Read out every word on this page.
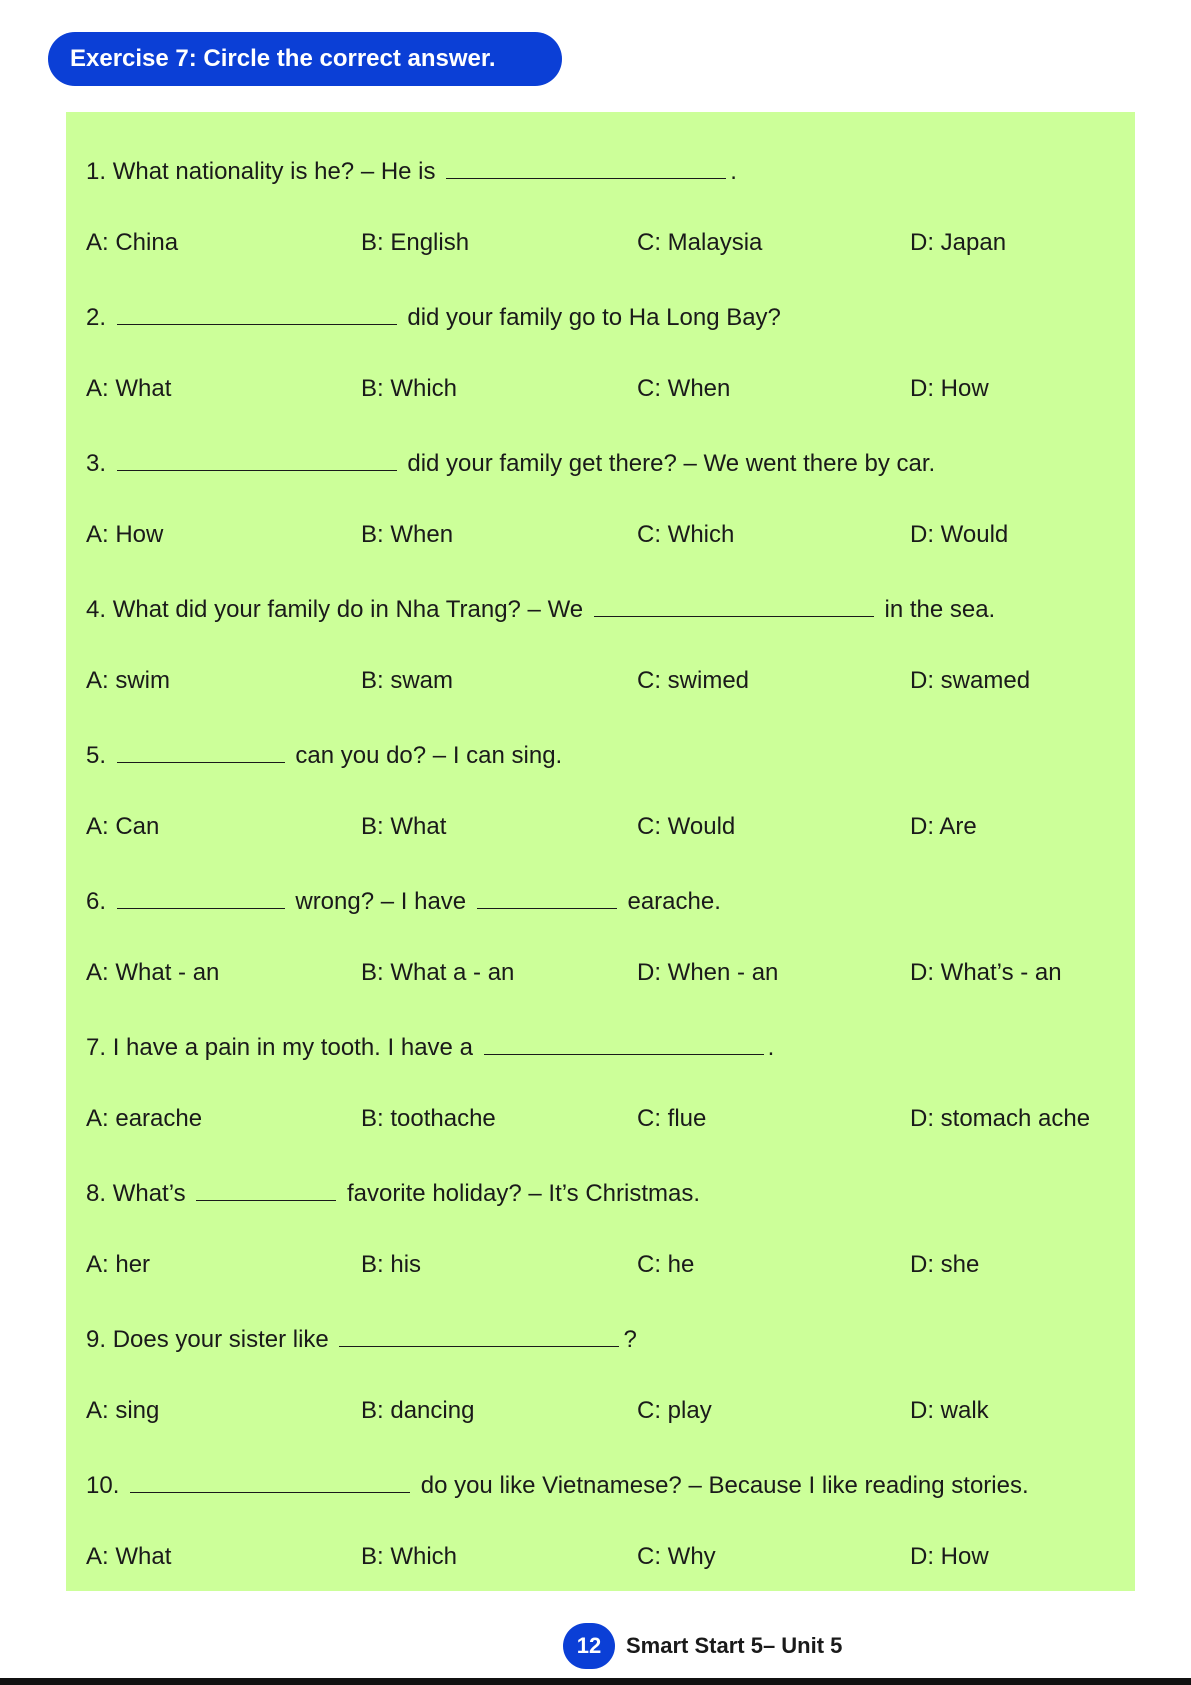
Exercise 7: Circle the correct answer.
1. What nationality is he? – He is	.
A: China	B: English	C: Malaysia	D: Japan
2.	did your family go to Ha Long Bay?
A: What	B: Which	C: When	D: How
3.	did your family get there? – We went there by car.
A: How	B: When	C: Which	D: Would
4. What did your family do in Nha Trang? – We	in the sea.
A: swim	B: swam	C: swimed	D: swamed
5.	can you do? – I can sing.
A: Can	B: What	C: Would	D: Are
6.	wrong? – I have	earache.
A: What - an	B: What a - an	D: When - an	D: What’s - an
7. I have a pain in my tooth. I have a	.
A: earache	B: toothache	C: flue	D: stomach ache
8. What’s	favorite holiday? – It’s Christmas.
A: her	B: his	C: he	D: she
9. Does your sister like	?
A: sing	B: dancing	C: play	D: walk
10.	do you like Vietnamese? – Because I like reading stories.
A: What	B: Which	C: Why	D: How
12	Smart Start 5– Unit 5
